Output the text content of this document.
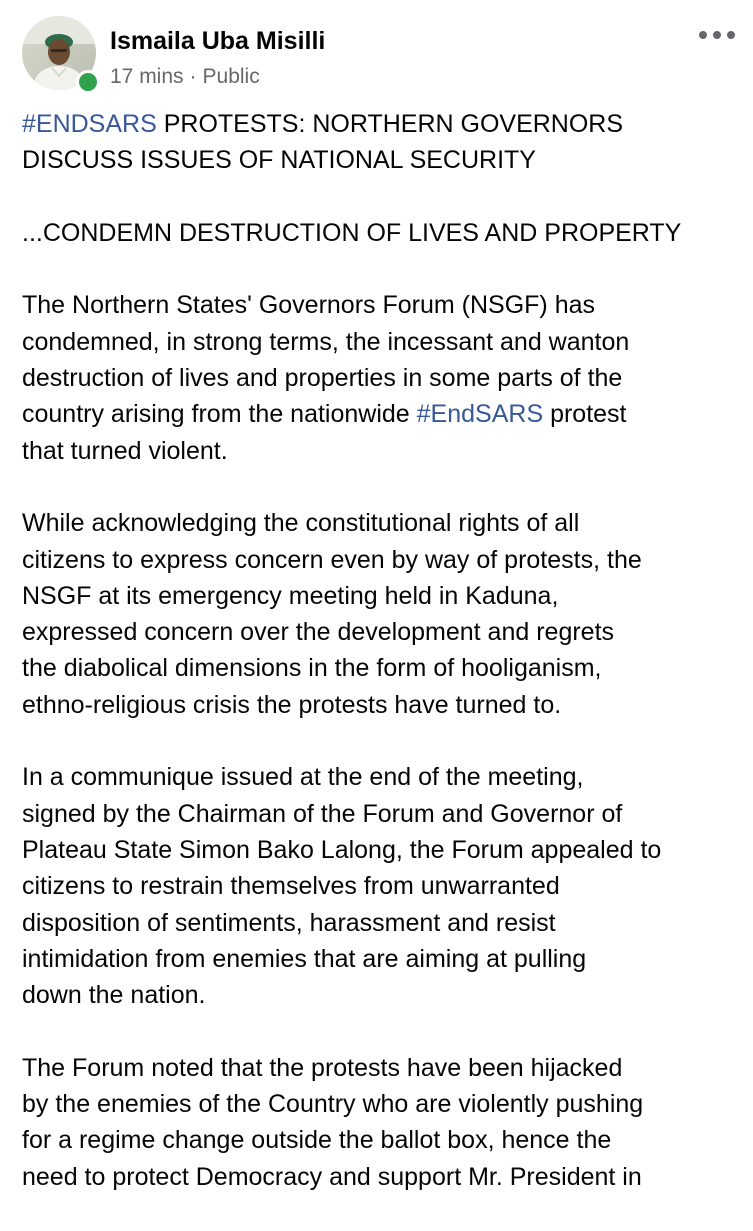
Ismaila Uba Misilli
17 mins · Public

#ENDSARS PROTESTS: NORTHERN GOVERNORS
DISCUSS ISSUES OF NATIONAL SECURITY

...CONDEMN DESTRUCTION OF LIVES AND PROPERTY

The Northern States' Governors Forum (NSGF) has
condemned, in strong terms, the incessant and wanton
destruction of lives and properties in some parts of the
country arising from the nationwide #EndSARS protest
that turned violent.

While acknowledging the constitutional rights of all
citizens to express concern even by way of protests, the
NSGF at its emergency meeting held in Kaduna,
expressed concern over the development and regrets
the diabolical dimensions in the form of hooliganism,
ethno-religious crisis the protests have turned to.

In a communique issued at the end of the meeting,
signed by the Chairman of the Forum and Governor of
Plateau State Simon Bako Lalong, the Forum appealed to
citizens to restrain themselves from unwarranted
disposition of sentiments, harassment and resist
intimidation from enemies that are aiming at pulling
down the nation.

The Forum noted that the protests have been hijacked
by the enemies of the Country who are violently pushing
for a regime change outside the ballot box, hence the
need to protect Democracy and support Mr. President in
